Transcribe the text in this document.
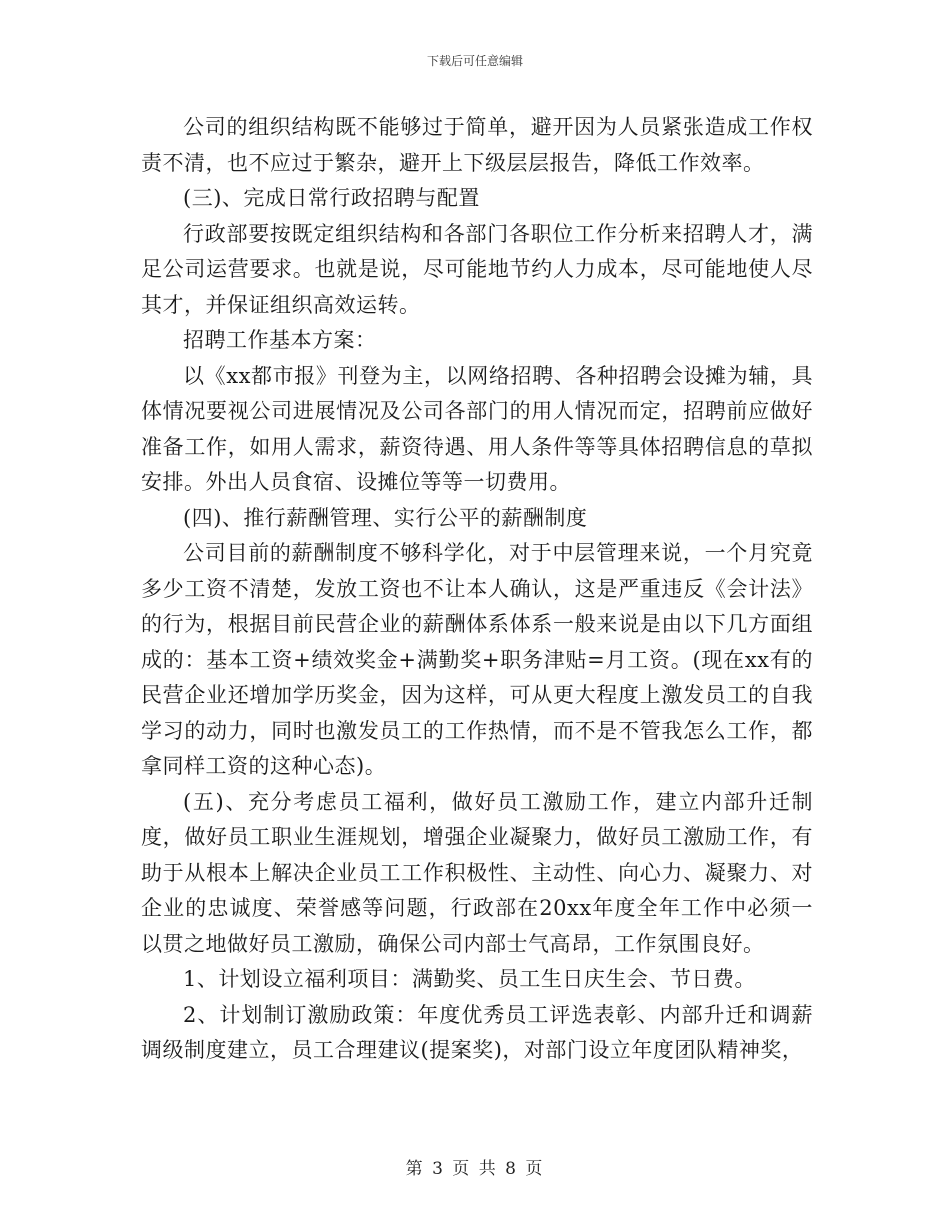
下载后可任意编辑

公司的组织结构既不能够过于简单，避开因为人员紧张造成工作权责不清，也不应过于繁杂，避开上下级层层报告，降低工作效率。

(三)、完成日常行政招聘与配置

行政部要按既定组织结构和各部门各职位工作分析来招聘人才，满足公司运营要求。也就是说，尽可能地节约人力成本，尽可能地使人尽其才，并保证组织高效运转。

招聘工作基本方案：

以《xx都市报》刊登为主，以网络招聘、各种招聘会设摊为辅，具体情况要视公司进展情况及公司各部门的用人情况而定，招聘前应做好准备工作，如用人需求，薪资待遇、用人条件等等具体招聘信息的草拟安排。外出人员食宿、设摊位等等一切费用。

(四)、推行薪酬管理、实行公平的薪酬制度

公司目前的薪酬制度不够科学化，对于中层管理来说，一个月究竟多少工资不清楚，发放工资也不让本人确认，这是严重违反《会计法》的行为，根据目前民营企业的薪酬体系体系一般来说是由以下几方面组成的：基本工资+绩效奖金+满勤奖+职务津贴=月工资。(现在xx有的民营企业还增加学历奖金，因为这样，可从更大程度上激发员工的自我学习的动力，同时也激发员工的工作热情，而不是不管我怎么工作，都拿同样工资的这种心态)。

(五)、充分考虑员工福利，做好员工激励工作，建立内部升迁制度，做好员工职业生涯规划，增强企业凝聚力，做好员工激励工作，有助于从根本上解决企业员工工作积极性、主动性、向心力、凝聚力、对企业的忠诚度、荣誉感等问题，行政部在20xx年度全年工作中必须一以贯之地做好员工激励，确保公司内部士气高昂，工作氛围良好。

1、计划设立福利项目：满勤奖、员工生日庆生会、节日费。

2、计划制订激励政策：年度优秀员工评选表彰、内部升迁和调薪调级制度建立，员工合理建议(提案奖)，对部门设立年度团队精神奖，

第 3 页 共 8 页
